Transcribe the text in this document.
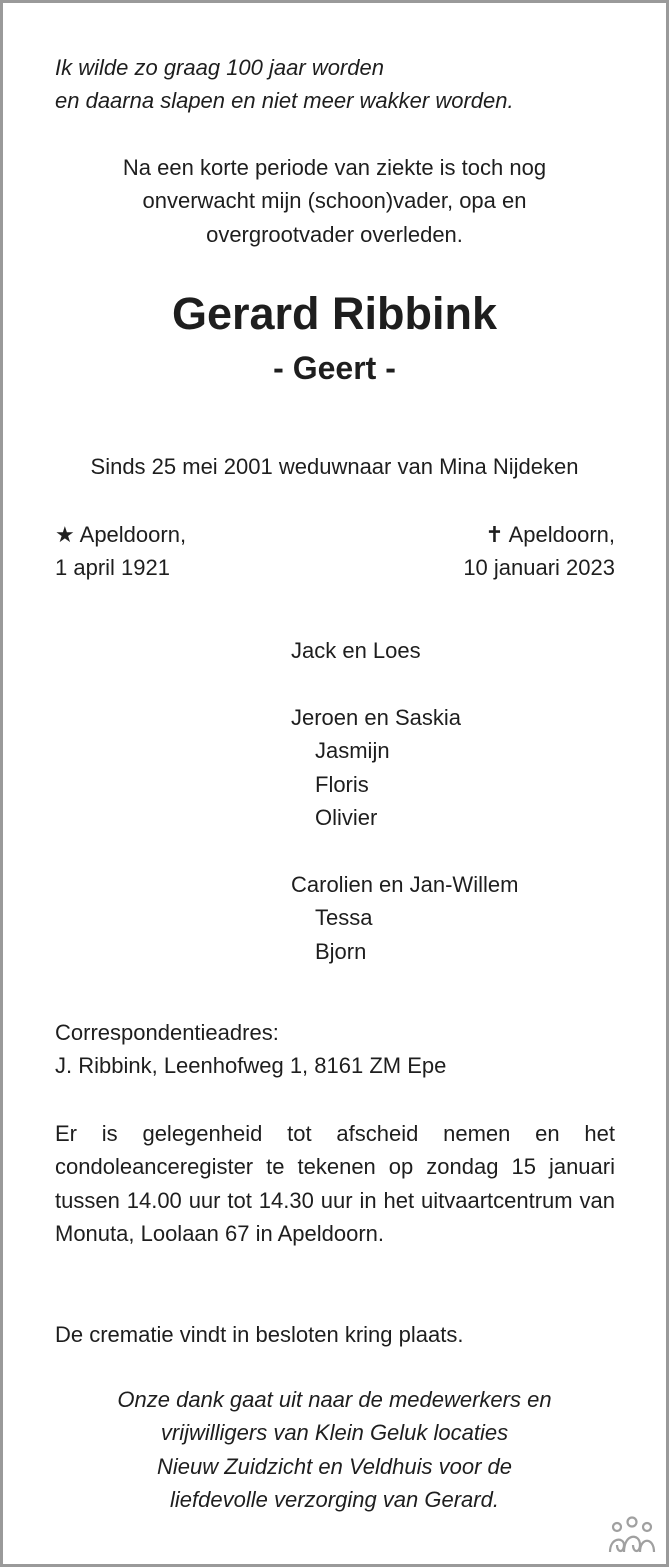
Ik wilde zo graag 100 jaar worden
en daarna slapen en niet meer wakker worden.
Na een korte periode van ziekte is toch nog
onverwacht mijn (schoon)vader, opa en
overgrootvader overleden.
Gerard Ribbink
- Geert -
Sinds 25 mei 2001 weduwnaar van Mina Nijdeken
★ Apeldoorn,	✝ Apeldoorn,
1 april 1921	10 januari 2023
Jack en Loes
Jeroen en Saskia
Jasmijn
Floris
Olivier
Carolien en Jan-Willem
Tessa
Bjorn
Correspondentieadres:
J. Ribbink, Leenhofweg 1, 8161 ZM Epe
Er is gelegenheid tot afscheid nemen en het condoleanceregister te tekenen op zondag 15 januari tussen 14.00 uur tot 14.30 uur in het uitvaartcentrum van Monuta, Loolaan 67 in Apeldoorn.
De crematie vindt in besloten kring plaats.
Onze dank gaat uit naar de medewerkers en
vrijwilligers van Klein Geluk locaties
Nieuw Zuidzicht en Veldhuis voor de
liefdevolle verzorging van Gerard.
